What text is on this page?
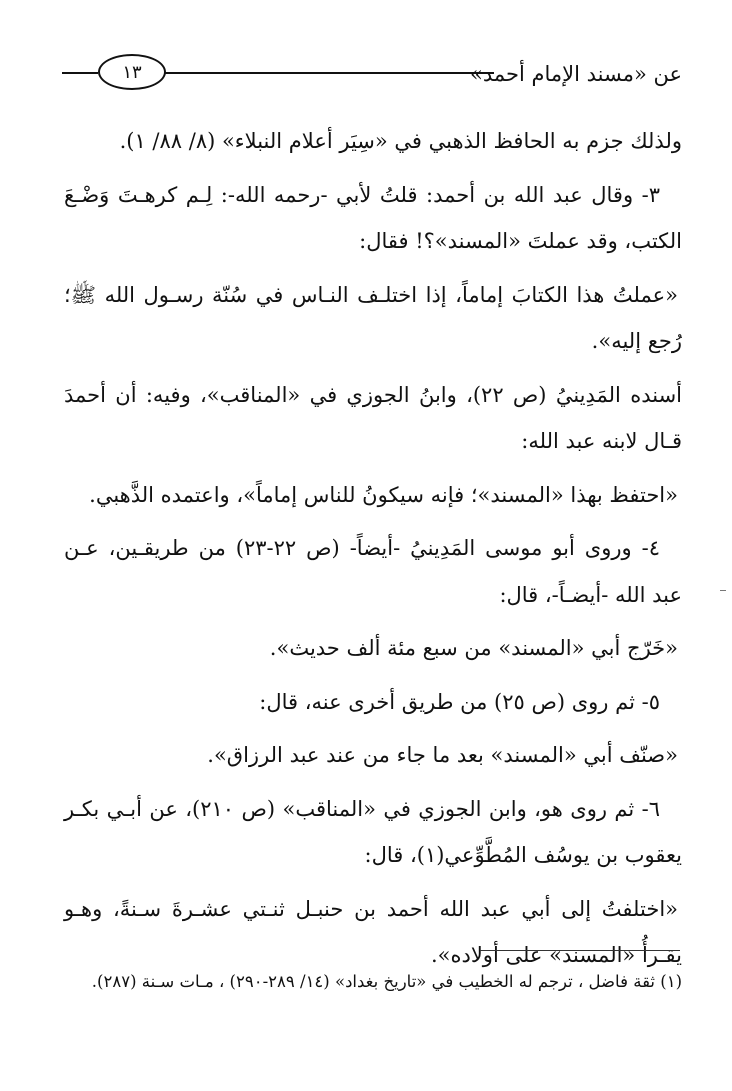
١٣	عن «مسند الإمام أحمد»

ولذلك جزم به الحافظ الذهبي في «سِيَر أعلام النبلاء» (٨/ ٨٨/ ١).

٣- وقال عبد الله بن أحمد: قلتُ لأبي -رحمه الله-: لِـم كرهـتَ وَضْـعَ الكتب، وقد عملتَ «المسند»؟! فقال:

«عملتُ هذا الكتابَ إماماً، إذا اختلـف النـاس في سُنّة رسـول الله ﷺ؛ رُجع إليه».

أسنده المَدِينيُ (ص ٢٢)، وابنُ الجوزي في «المناقب»، وفيه: أن أحمدَ قـال لابنه عبد الله:

«احتفظ بهذا «المسند»؛ فإنه سيكونُ للناس إماماً»، واعتمده الذَّهبي.

٤- وروى أبو موسى المَدِينيُ -أيضاً- (ص ٢٢-٢٣) من طريقـين، عـن عبد الله -أيضـاً-، قال:

«خَرّج أبي «المسند» من سبع مئة ألف حديث».

٥- ثم روى (ص ٢٥) من طريق أخرى عنه، قال:

«صنّف أبي «المسند» بعد ما جاء من عند عبد الرزاق».

٦- ثم روى هو، وابن الجوزي في «المناقب» (ص ٢١٠)، عن أبـي بكـر يعقوب بن يوسُف المُطَّوِّعي(١)، قال:

«اختلفتُ إلى أبي عبد الله أحمد بن حنبـل ثنـتي عشـرةَ سـنةً، وهـو يقـرأُ «المسند» على أولاده».

(١) ثقة فاضل ، ترجم له الخطيب في «تاريخ بغداد» (١٤/ ٢٨٩-٢٩٠) ، مـات سـنة (٢٨٧).
